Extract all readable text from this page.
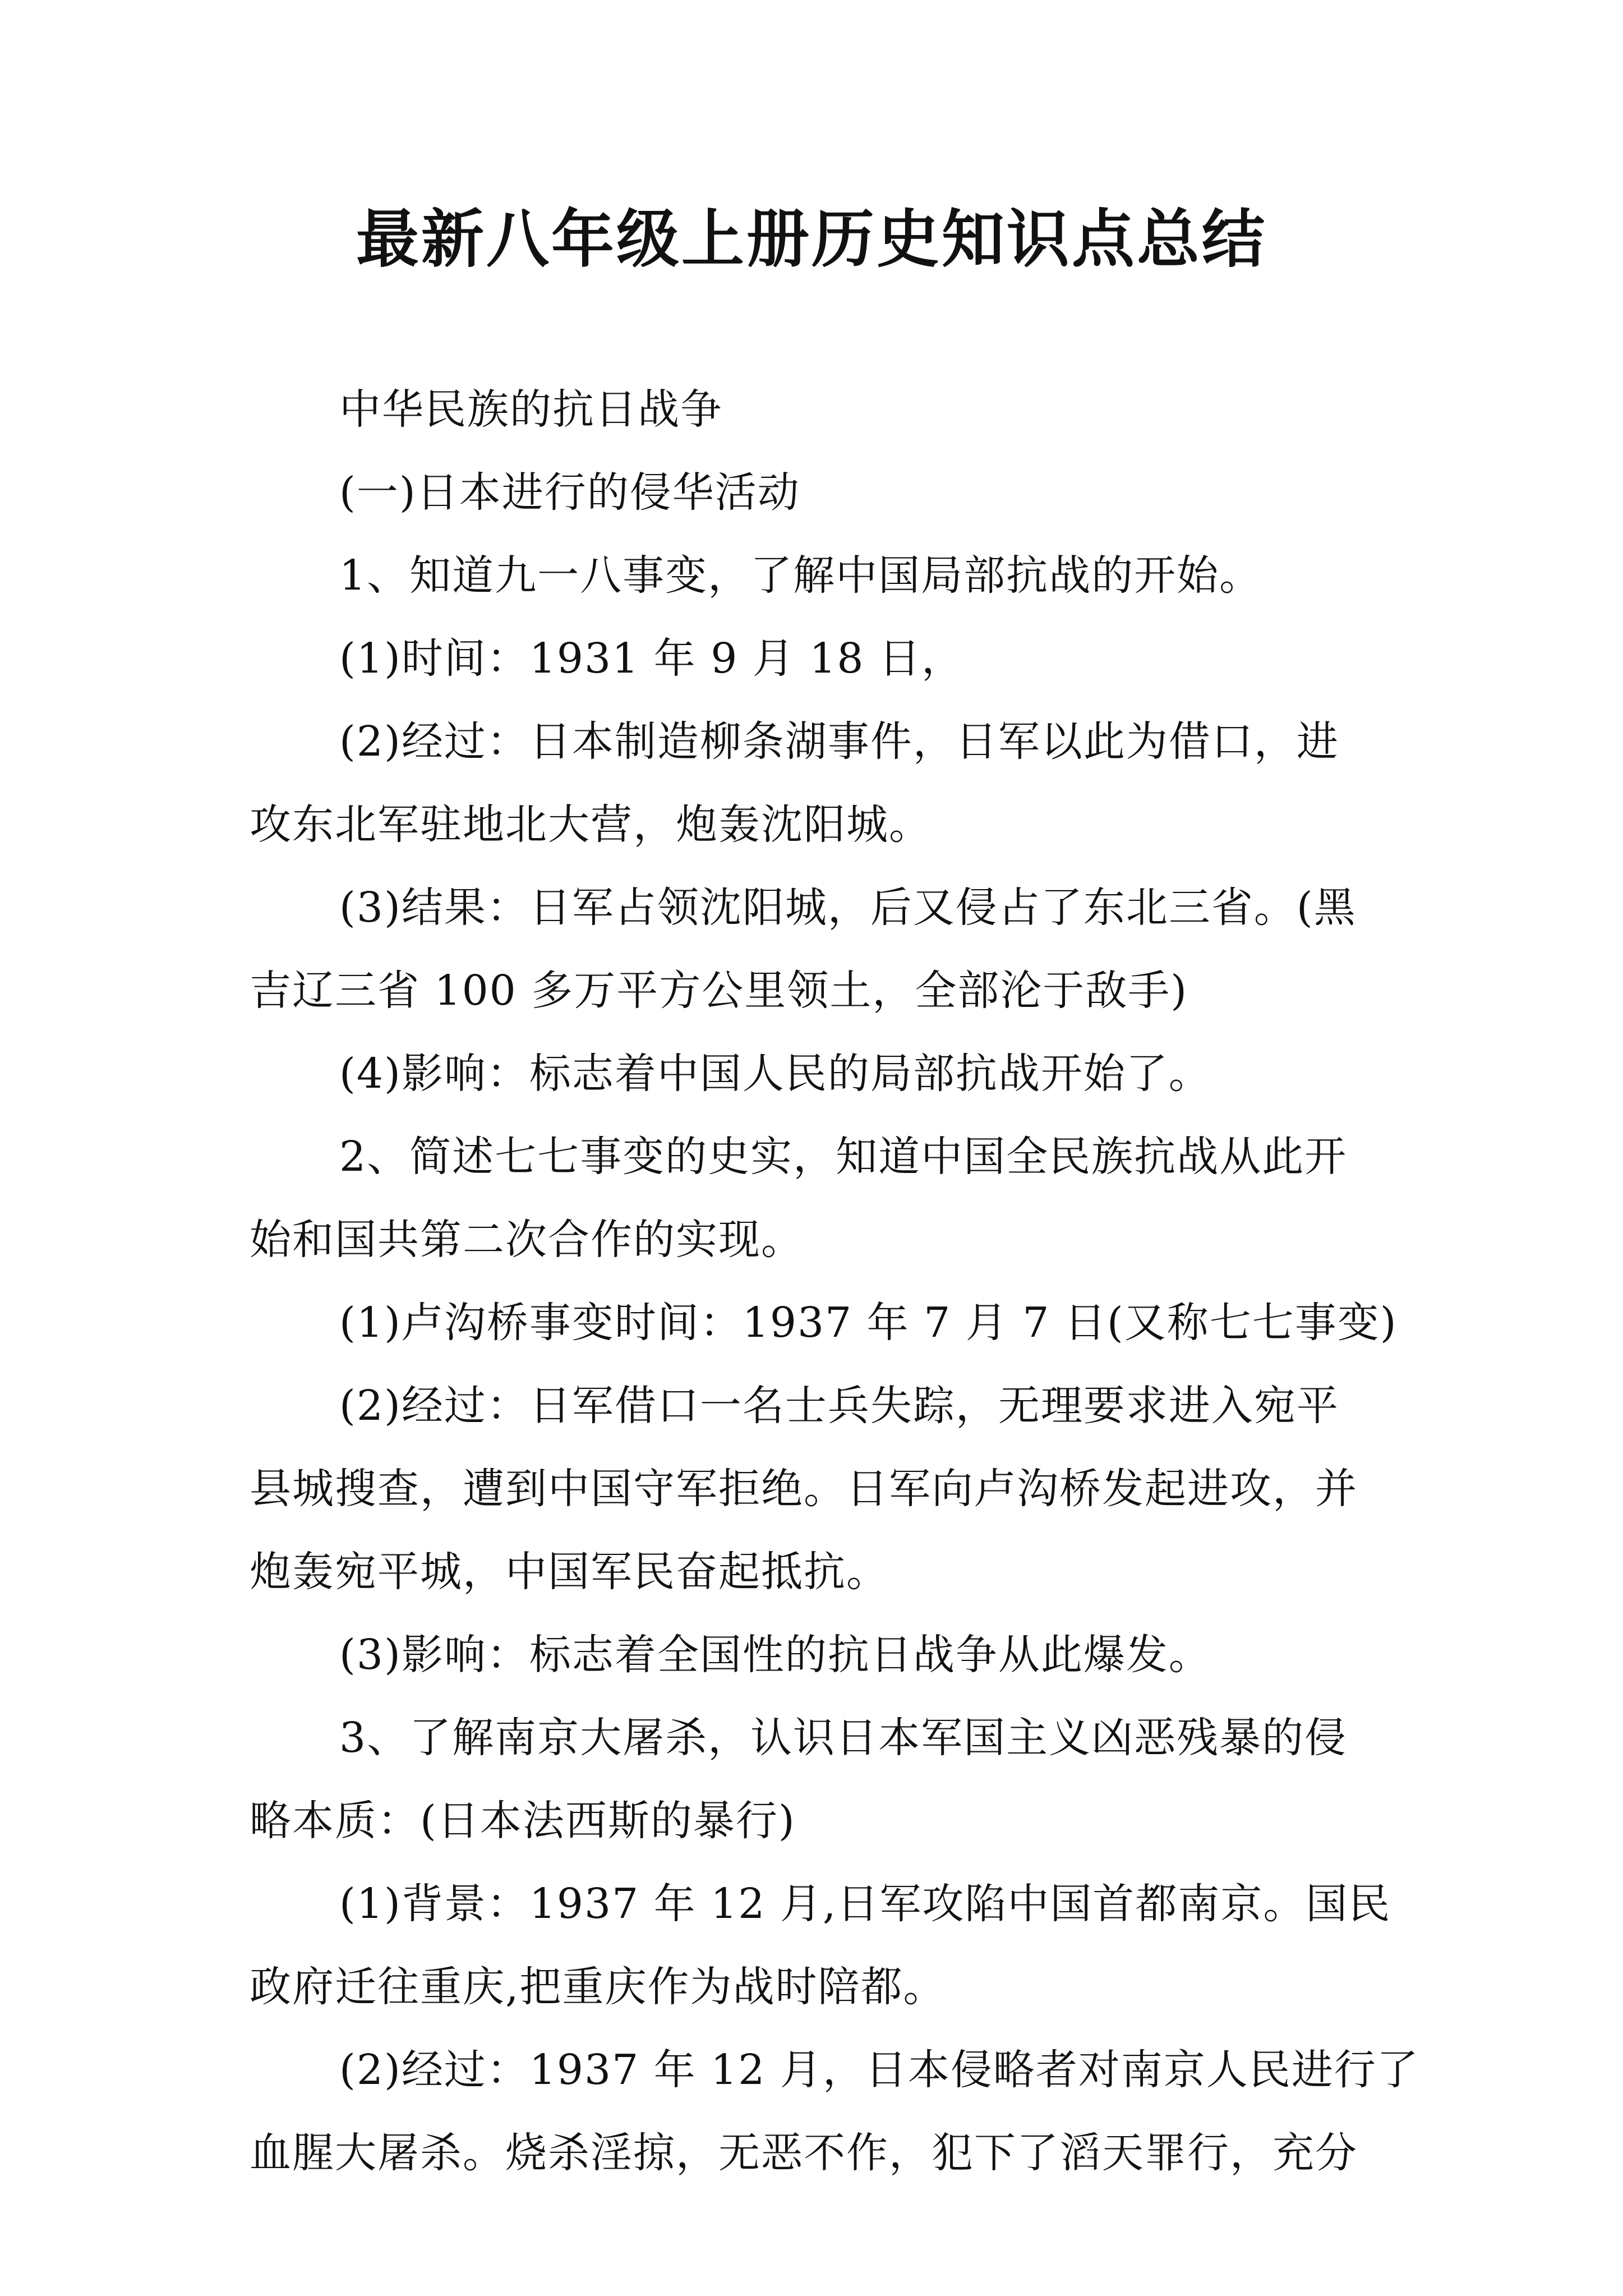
最新八年级上册历史知识点总结
中华民族的抗日战争
(一)日本进行的侵华活动
1、知道九一八事变，了解中国局部抗战的开始。
(1)时间：1931 年 9 月 18 日，
(2)经过：日本制造柳条湖事件，日军以此为借口，进
攻东北军驻地北大营，炮轰沈阳城。
(3)结果：日军占领沈阳城，后又侵占了东北三省。(黑
吉辽三省 100 多万平方公里领土，全部沦于敌手)
(4)影响：标志着中国人民的局部抗战开始了。
2、简述七七事变的史实，知道中国全民族抗战从此开
始和国共第二次合作的实现。
(1)卢沟桥事变时间：1937 年 7 月 7 日(又称七七事变)
(2)经过：日军借口一名士兵失踪，无理要求进入宛平
县城搜查，遭到中国守军拒绝。日军向卢沟桥发起进攻，并
炮轰宛平城，中国军民奋起抵抗。
(3)影响：标志着全国性的抗日战争从此爆发。
3、了解南京大屠杀，认识日本军国主义凶恶残暴的侵
略本质：(日本法西斯的暴行)
(1)背景：1937 年 12 月,日军攻陷中国首都南京。国民
政府迁往重庆,把重庆作为战时陪都。
(2)经过：1937 年 12 月，日本侵略者对南京人民进行了
血腥大屠杀。烧杀淫掠，无恶不作，犯下了滔天罪行，充分
